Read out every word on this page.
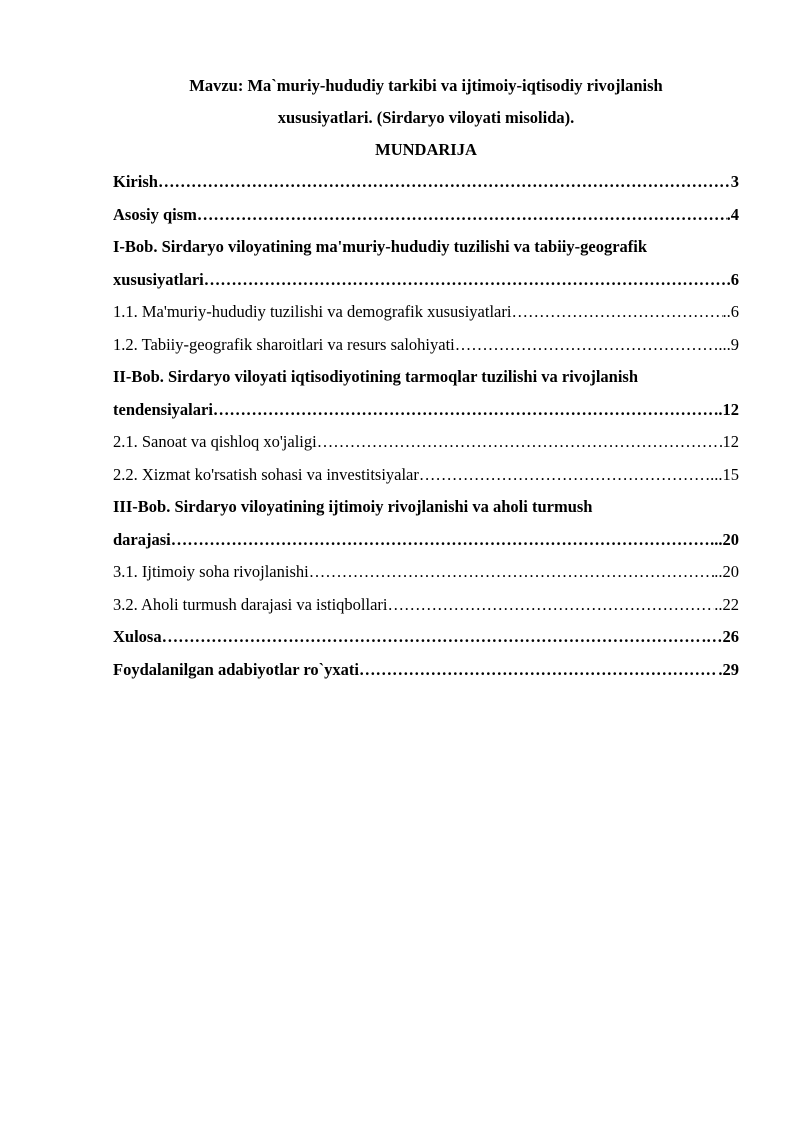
Mavzu: Ma`muriy-hududiy tarkibi va ijtimoiy-iqtisodiy rivojlanish

xususiyatlari. (Sirdaryo viloyati misolida).

MUNDARIJA

Kirish ……………………………………………………………………………………………………………………………………………………………………	3
Asosiy qism ……………………………………………………………………………………………………………………………………………………………………	.4
I-Bob. Sirdaryo viloyatining ma'muriy-hududiy tuzilishi va tabiiy-geografik
xususiyatlari ……………………………………………………………………………………………………………………………………………………………………	.6
1.1. Ma'muriy-hududiy tuzilishi va demografik xususiyatlari ……………………………………………………………………………………………………………………………………………………………………	..6
1.2. Tabiiy-geografik sharoitlari va resurs salohiyati ……………………………………………………………………………………………………………………………………………………………………	...9
II-Bob. Sirdaryo viloyati iqtisodiyotining tarmoqlar tuzilishi va rivojlanish
tendensiyalari ……………………………………………………………………………………………………………………………………………………………………	.12
2.1. Sanoat va qishloq xo'jaligi ……………………………………………………………………………………………………………………………………………………………………	12
2.2. Xizmat ko'rsatish sohasi va investitsiyalar ……………………………………………………………………………………………………………………………………………………………………	...15
III-Bob. Sirdaryo viloyatining ijtimoiy rivojlanishi va aholi turmush
darajasi ……………………………………………………………………………………………………………………………………………………………………	...20
3.1. Ijtimoiy soha rivojlanishi ……………………………………………………………………………………………………………………………………………………………………	..20
3.2. Aholi turmush darajasi va istiqbollari ……………………………………………………………………………………………………………………………………………………………………	..22
Xulosa ……………………………………………………………………………………………………………………………………………………………………	.…26
Foydalanilgan adabiyotlar ro`yxati ……………………………………………………………………………………………………………………………………………………………………	.29
